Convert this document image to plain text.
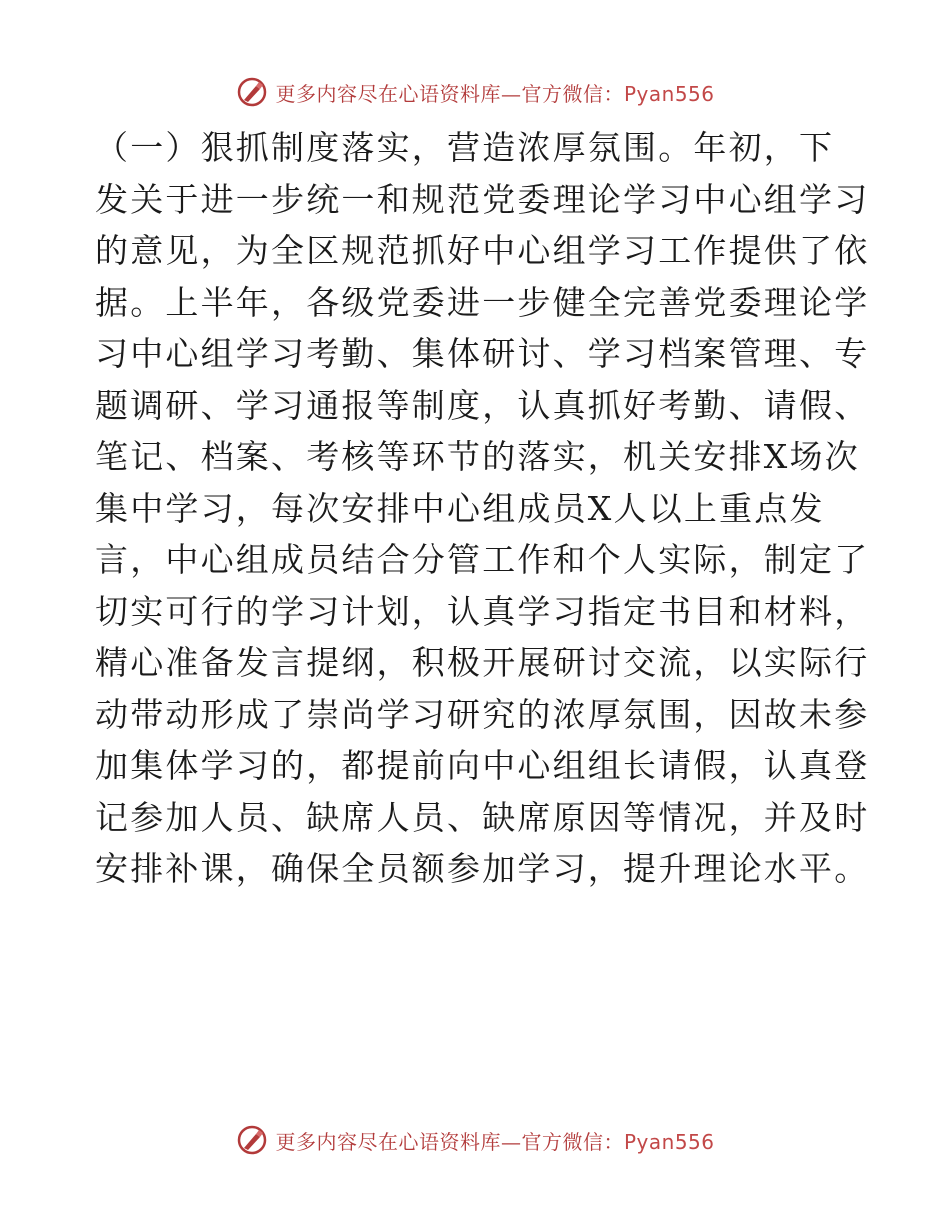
更多内容尽在心语资料库—官方微信：Pyan556
（一）狠抓制度落实，营造浓厚氛围。年初，下
发关于进一步统一和规范党委理论学习中心组学习
的意见，为全区规范抓好中心组学习工作提供了依
据。上半年，各级党委进一步健全完善党委理论学
习中心组学习考勤、集体研讨、学习档案管理、专
题调研、学习通报等制度，认真抓好考勤、请假、
笔记、档案、考核等环节的落实，机关安排X场次
集中学习，每次安排中心组成员X人以上重点发
言，中心组成员结合分管工作和个人实际，制定了
切实可行的学习计划，认真学习指定书目和材料，
精心准备发言提纲，积极开展研讨交流，以实际行
动带动形成了崇尚学习研究的浓厚氛围，因故未参
加集体学习的，都提前向中心组组长请假，认真登
记参加人员、缺席人员、缺席原因等情况，并及时
安排补课，确保全员额参加学习，提升理论水平。
更多内容尽在心语资料库—官方微信：Pyan556
